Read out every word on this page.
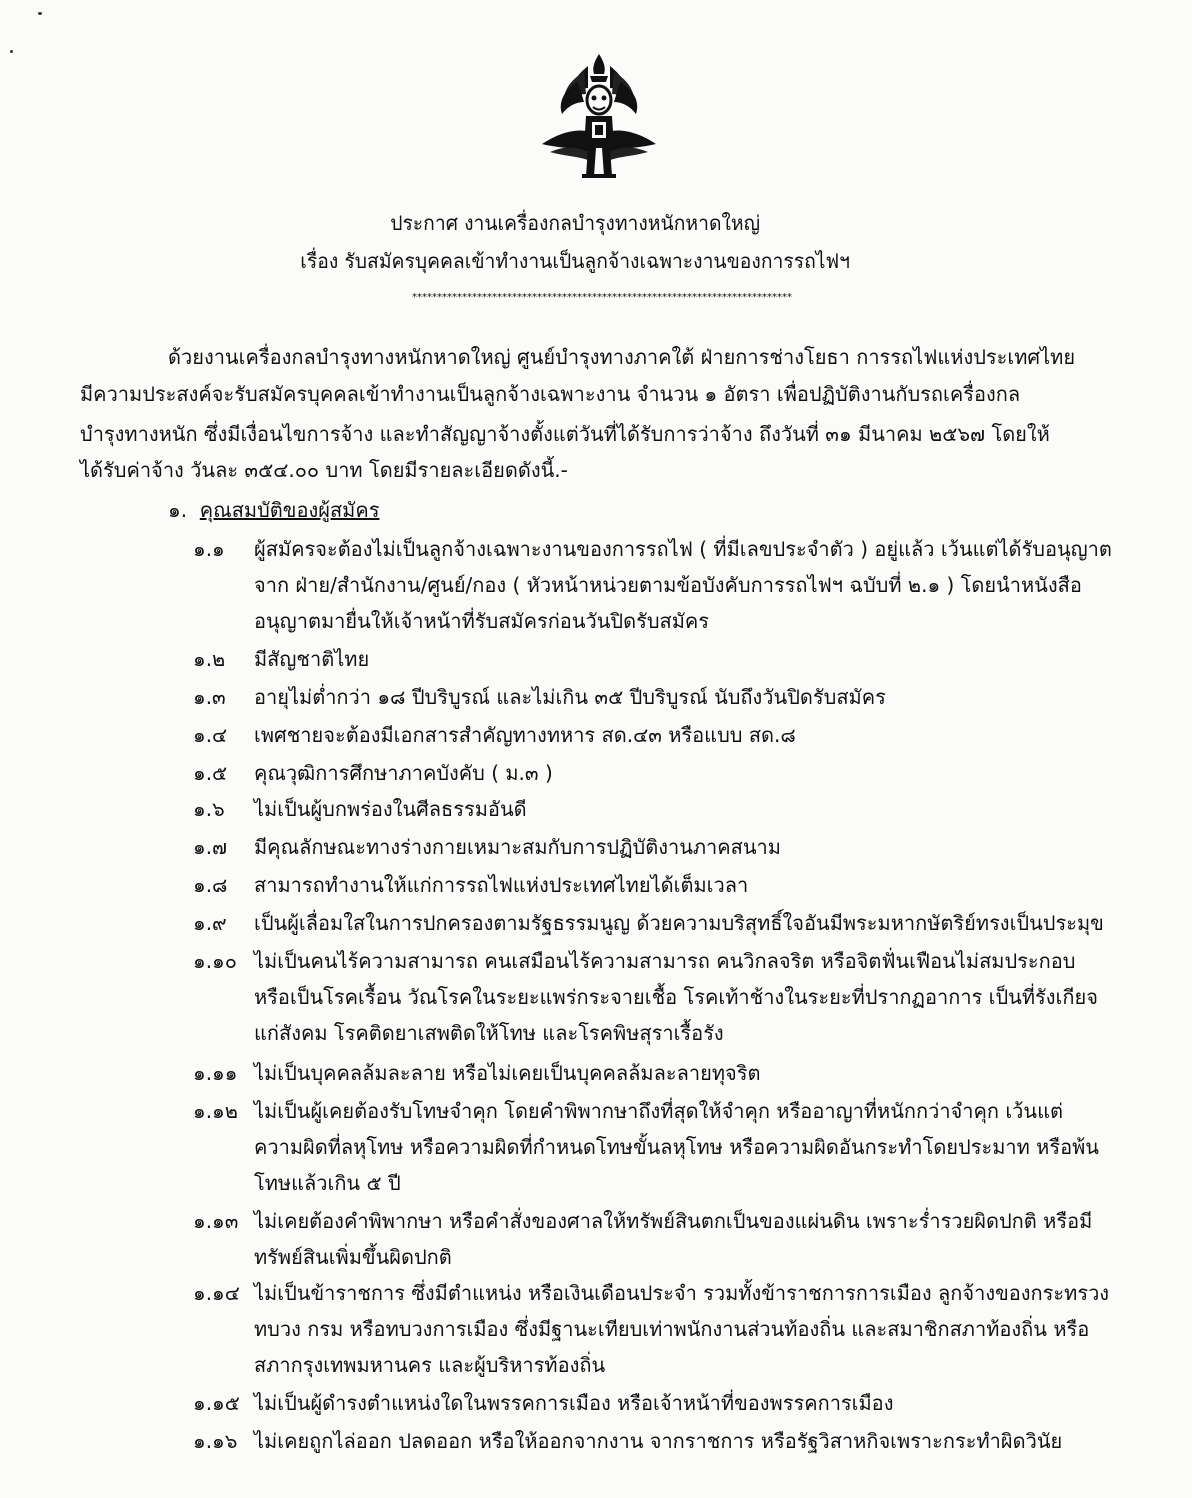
ประกาศ งานเครื่องกลบำรุงทางหนักหาดใหญ่
เรื่อง รับสมัครบุคคลเข้าทำงานเป็นลูกจ้างเฉพาะงานของการรถไฟฯ
****************************************************************************
ด้วยงานเครื่องกลบำรุงทางหนักหาดใหญ่ ศูนย์บำรุงทางภาคใต้ ฝ่ายการช่างโยธา การรถไฟแห่งประเทศไทย
มีความประสงค์จะรับสมัครบุคคลเข้าทำงานเป็นลูกจ้างเฉพาะงาน จำนวน ๑ อัตรา เพื่อปฏิบัติงานกับรถเครื่องกล
บำรุงทางหนัก ซึ่งมีเงื่อนไขการจ้าง และทำสัญญาจ้างตั้งแต่วันที่ได้รับการว่าจ้าง ถึงวันที่ ๓๑ มีนาคม ๒๕๖๗ โดยให้
ได้รับค่าจ้าง วันละ ๓๕๔.๐๐ บาท โดยมีรายละเอียดดังนี้.-
๑. คุณสมบัติของผู้สมัคร
๑.๑	ผู้สมัครจะต้องไม่เป็นลูกจ้างเฉพาะงานของการรถไฟ ( ที่มีเลขประจำตัว ) อยู่แล้ว เว้นแต่ได้รับอนุญาต
จาก ฝ่าย/สำนักงาน/ศูนย์/กอง ( หัวหน้าหน่วยตามข้อบังคับการรถไฟฯ ฉบับที่ ๒.๑ ) โดยนำหนังสือ
อนุญาตมายื่นให้เจ้าหน้าที่รับสมัครก่อนวันปิดรับสมัคร
๑.๒	มีสัญชาติไทย
๑.๓	อายุไม่ต่ำกว่า ๑๘ ปีบริบูรณ์ และไม่เกิน ๓๕ ปีบริบูรณ์ นับถึงวันปิดรับสมัคร
๑.๔	เพศชายจะต้องมีเอกสารสำคัญทางทหาร สด.๔๓ หรือแบบ สด.๘
๑.๕	คุณวุฒิการศึกษาภาคบังคับ ( ม.๓ )
๑.๖	ไม่เป็นผู้บกพร่องในศีลธรรมอันดี
๑.๗	มีคุณลักษณะทางร่างกายเหมาะสมกับการปฏิบัติงานภาคสนาม
๑.๘	สามารถทำงานให้แก่การรถไฟแห่งประเทศไทยได้เต็มเวลา
๑.๙	เป็นผู้เลื่อมใสในการปกครองตามรัฐธรรมนูญ ด้วยความบริสุทธิ์ใจอันมีพระมหากษัตริย์ทรงเป็นประมุข
๑.๑๐ ไม่เป็นคนไร้ความสามารถ คนเสมือนไร้ความสามารถ คนวิกลจริต หรือจิตฟั่นเฟือนไม่สมประกอบ
หรือเป็นโรคเรื้อน วัณโรคในระยะแพร่กระจายเชื้อ โรคเท้าช้างในระยะที่ปรากฏอาการ เป็นที่รังเกียจ
แก่สังคม โรคติดยาเสพติดให้โทษ และโรคพิษสุราเรื้อรัง
๑.๑๑ ไม่เป็นบุคคลล้มละลาย หรือไม่เคยเป็นบุคคลล้มละลายทุจริต
๑.๑๒ ไม่เป็นผู้เคยต้องรับโทษจำคุก โดยคำพิพากษาถึงที่สุดให้จำคุก หรืออาญาที่หนักกว่าจำคุก เว้นแต่
ความผิดที่ลหุโทษ หรือความผิดที่กำหนดโทษขั้นลหุโทษ หรือความผิดอันกระทำโดยประมาท หรือพ้น
โทษแล้วเกิน ๕ ปี
๑.๑๓ ไม่เคยต้องคำพิพากษา หรือคำสั่งของศาลให้ทรัพย์สินตกเป็นของแผ่นดิน เพราะร่ำรวยผิดปกติ หรือมี
ทรัพย์สินเพิ่มขึ้นผิดปกติ
๑.๑๔ ไม่เป็นข้าราชการ ซึ่งมีตำแหน่ง หรือเงินเดือนประจำ รวมทั้งข้าราชการการเมือง ลูกจ้างของกระทรวง
ทบวง กรม หรือทบวงการเมือง ซึ่งมีฐานะเทียบเท่าพนักงานส่วนท้องถิ่น และสมาชิกสภาท้องถิ่น หรือ
สภากรุงเทพมหานคร และผู้บริหารท้องถิ่น
๑.๑๕ ไม่เป็นผู้ดำรงตำแหน่งใดในพรรคการเมือง หรือเจ้าหน้าที่ของพรรคการเมือง
๑.๑๖ ไม่เคยถูกไล่ออก ปลดออก หรือให้ออกจากงาน จากราชการ หรือรัฐวิสาหกิจเพราะกระทำผิดวินัย
